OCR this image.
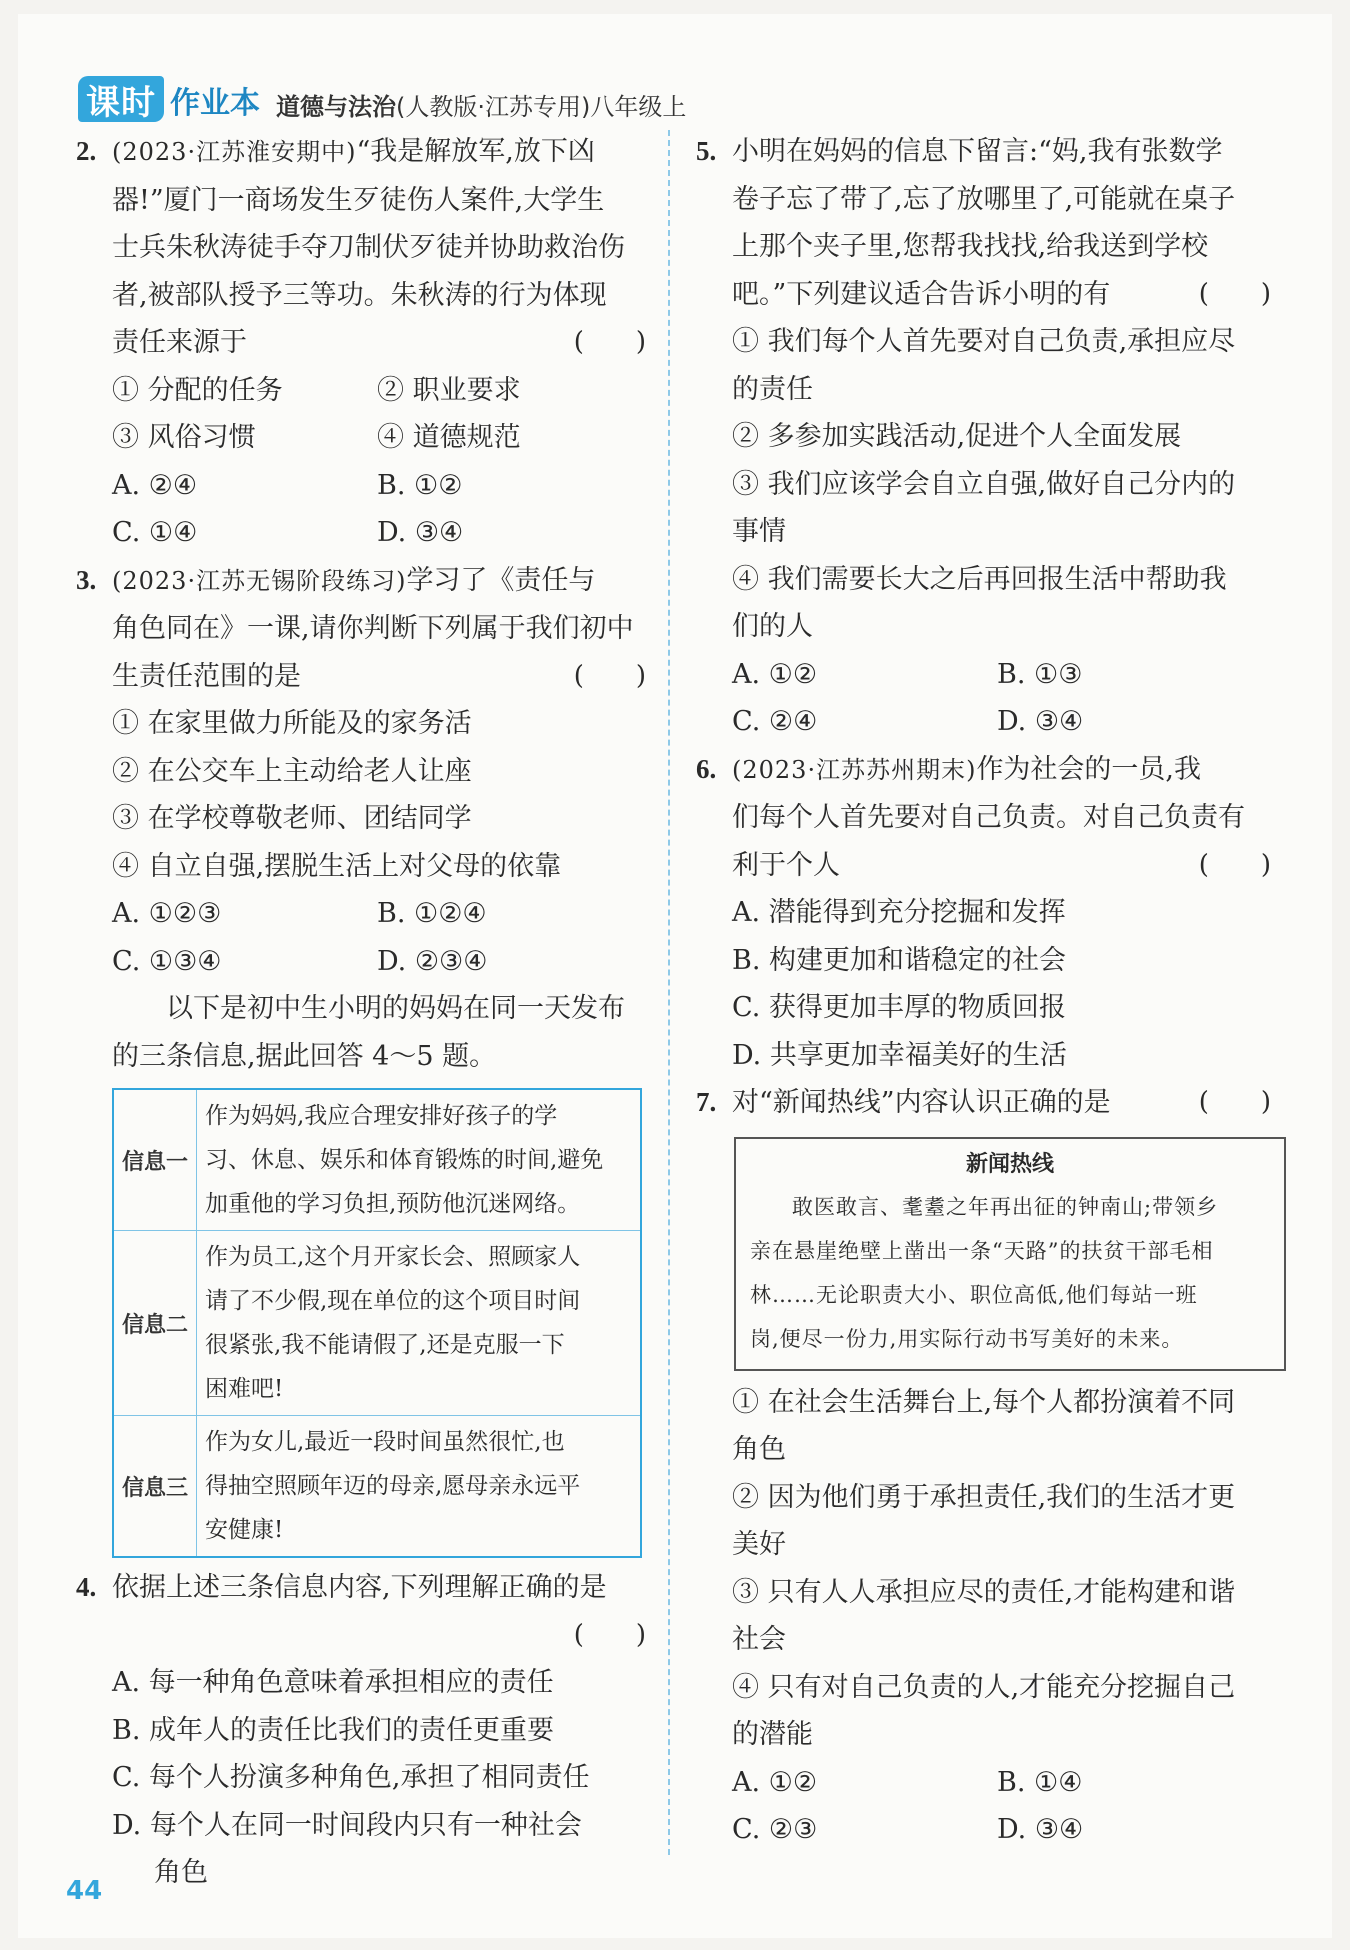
课时 作业本 道德与法治 (人教版·江苏专用)八年级上
2. (2023·江苏淮安期中)“我是解放军,放下凶
器!”厦门一商场发生歹徒伤人案件,大学生
士兵朱秋涛徒手夺刀制伏歹徒并协助救治伤
者,被部队授予三等功。朱秋涛的行为体现
责任来源于	(　　)
① 分配的任务	② 职业要求
③ 风俗习惯	④ 道德规范
A. ②④	B. ①②
C. ①④	D. ③④
3. (2023·江苏无锡阶段练习)学习了《责任与
角色同在》一课,请你判断下列属于我们初中
生责任范围的是	(　　)
① 在家里做力所能及的家务活
② 在公交车上主动给老人让座
③ 在学校尊敬老师、团结同学
④ 自立自强,摆脱生活上对父母的依靠
A. ①②③	B. ①②④
C. ①③④	D. ②③④
以下是初中生小明的妈妈在同一天发布
的三条信息,据此回答 4～5 题。
信息一	作为妈妈,我应合理安排好孩子的学
习、休息、娱乐和体育锻炼的时间,避免
加重他的学习负担,预防他沉迷网络。

信息二	作为员工,这个月开家长会、照顾家人
请了不少假,现在单位的这个项目时间
很紧张,我不能请假了,还是克服一下
困难吧!

信息三	作为女儿,最近一段时间虽然很忙,也
得抽空照顾年迈的母亲,愿母亲永远平
安健康!
4. 依据上述三条信息内容,下列理解正确的是
(　　)
A. 每一种角色意味着承担相应的责任
B. 成年人的责任比我们的责任更重要
C. 每个人扮演多种角色,承担了相同责任
D. 每个人在同一时间段内只有一种社会
角色
5. 小明在妈妈的信息下留言:“妈,我有张数学
卷子忘了带了,忘了放哪里了,可能就在桌子
上那个夹子里,您帮我找找,给我送到学校
吧。”下列建议适合告诉小明的有	(　　)
① 我们每个人首先要对自己负责,承担应尽
的责任
② 多参加实践活动,促进个人全面发展
③ 我们应该学会自立自强,做好自己分内的
事情
④ 我们需要长大之后再回报生活中帮助我
们的人
A. ①②	B. ①③
C. ②④	D. ③④
6. (2023·江苏苏州期末)作为社会的一员,我
们每个人首先要对自己负责。对自己负责有
利于个人	(　　)
A. 潜能得到充分挖掘和发挥
B. 构建更加和谐稳定的社会
C. 获得更加丰厚的物质回报
D. 共享更加幸福美好的生活
7. 对“新闻热线”内容认识正确的是	(　　)
新闻热线
敢医敢言、耄耋之年再出征的钟南山;带领乡
亲在悬崖绝壁上凿出一条“天路”的扶贫干部毛相
林……无论职责大小、职位高低,他们每站一班
岗,便尽一份力,用实际行动书写美好的未来。
① 在社会生活舞台上,每个人都扮演着不同
角色
② 因为他们勇于承担责任,我们的生活才更
美好
③ 只有人人承担应尽的责任,才能构建和谐
社会
④ 只有对自己负责的人,才能充分挖掘自己
的潜能
A. ①②	B. ①④
C. ②③	D. ③④
44
